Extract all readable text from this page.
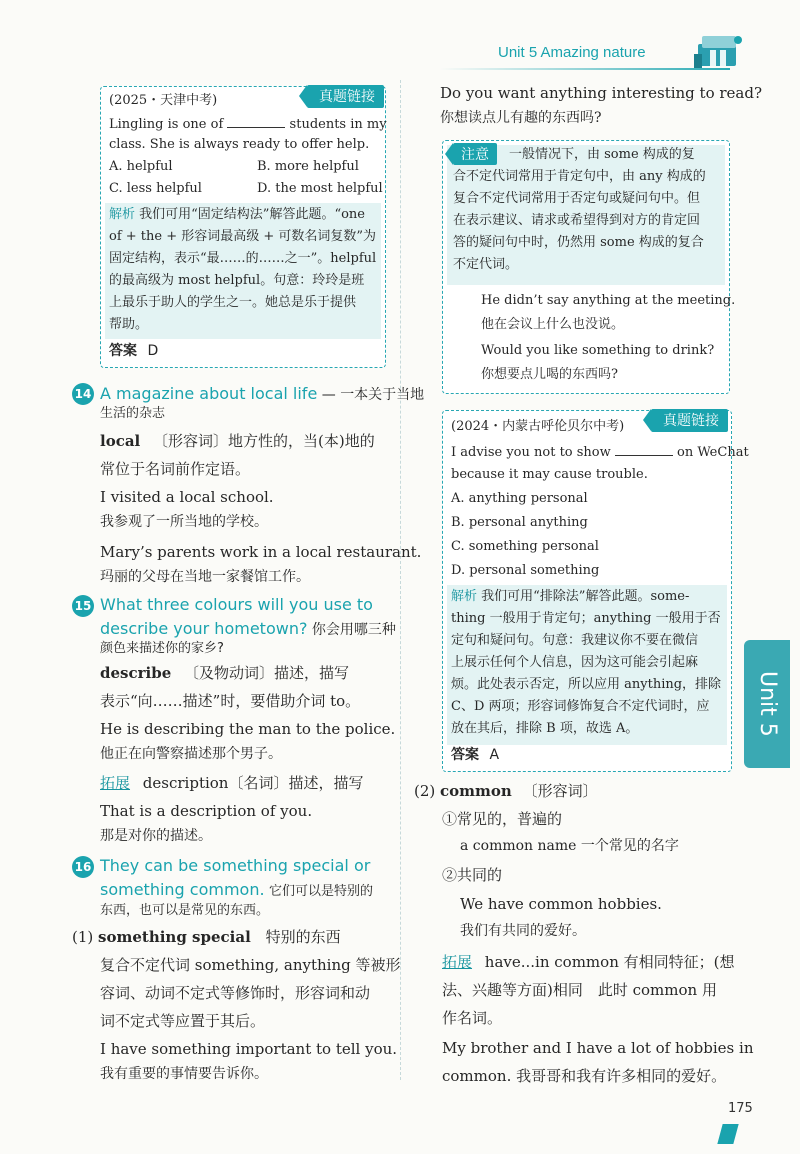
Unit 5 Amazing nature
真题链接
(2025・天津中考)
Lingling is one of	students in my
class. She is always ready to offer help.
A. helpful	B. more helpful
C. less helpful	D. the most helpful
解析 我们可用“固定结构法”解答此题。“one
of + the + 形容词最高级 + 可数名词复数”为
固定结构，表示“最……的……之一”。helpful
的最高级为 most helpful。句意：玲玲是班
上最乐于助人的学生之一。她总是乐于提供
帮助。
答案 D
14 A magazine about local life — 一本关于当地
生活的杂志
local 〔形容词〕地方性的，当(本)地的
常位于名词前作定语。
I visited a local school.
我参观了一所当地的学校。
Mary’s parents work in a local restaurant.
玛丽的父母在当地一家餐馆工作。
15 What three colours will you use to
describe your hometown? 你会用哪三种
颜色来描述你的家乡?
describe 〔及物动词〕描述，描写
表示“向……描述”时，要借助介词 to。
He is describing the man to the police.
他正在向警察描述那个男子。
拓展 description〔名词〕描述，描写
That is a description of you.
那是对你的描述。
16 They can be something special or
something common. 它们可以是特别的
东西，也可以是常见的东西。
(1) something special 特别的东西
复合不定代词 something, anything 等被形
容词、动词不定式等修饰时，形容词和动
词不定式等应置于其后。
I have something important to tell you.
我有重要的事情要告诉你。
Do you want anything interesting to read?
你想读点儿有趣的东西吗?
注意	一般情况下，由 some 构成的复
合不定代词常用于肯定句中，由 any 构成的
复合不定代词常用于否定句或疑问句中。但
在表示建议、请求或希望得到对方的肯定回
答的疑问句中时，仍然用 some 构成的复合
不定代词。
He didn’t say anything at the meeting.
他在会议上什么也没说。
Would you like something to drink?
你想要点儿喝的东西吗?
真题链接
(2024・内蒙古呼伦贝尔中考)
I advise you not to show	on WeChat
because it may cause trouble.
A. anything personal
B. personal anything
C. something personal
D. personal something
解析 我们可用“排除法”解答此题。some-
thing 一般用于肯定句；anything 一般用于否
定句和疑问句。句意：我建议你不要在微信
上展示任何个人信息，因为这可能会引起麻
烦。此处表示否定，所以应用 anything，排除
C、D 两项；形容词修饰复合不定代词时，应
放在其后，排除 B 项，故选 A。
答案 A
(2) common 〔形容词〕
①常见的，普遍的
a common name 一个常见的名字
②共同的
We have common hobbies.
我们有共同的爱好。
拓展 have...in common 有相同特征；(想
法、兴趣等方面)相同　此时 common 用
作名词。
My brother and I have a lot of hobbies in
common. 我哥哥和我有许多相同的爱好。
Unit 5
175
